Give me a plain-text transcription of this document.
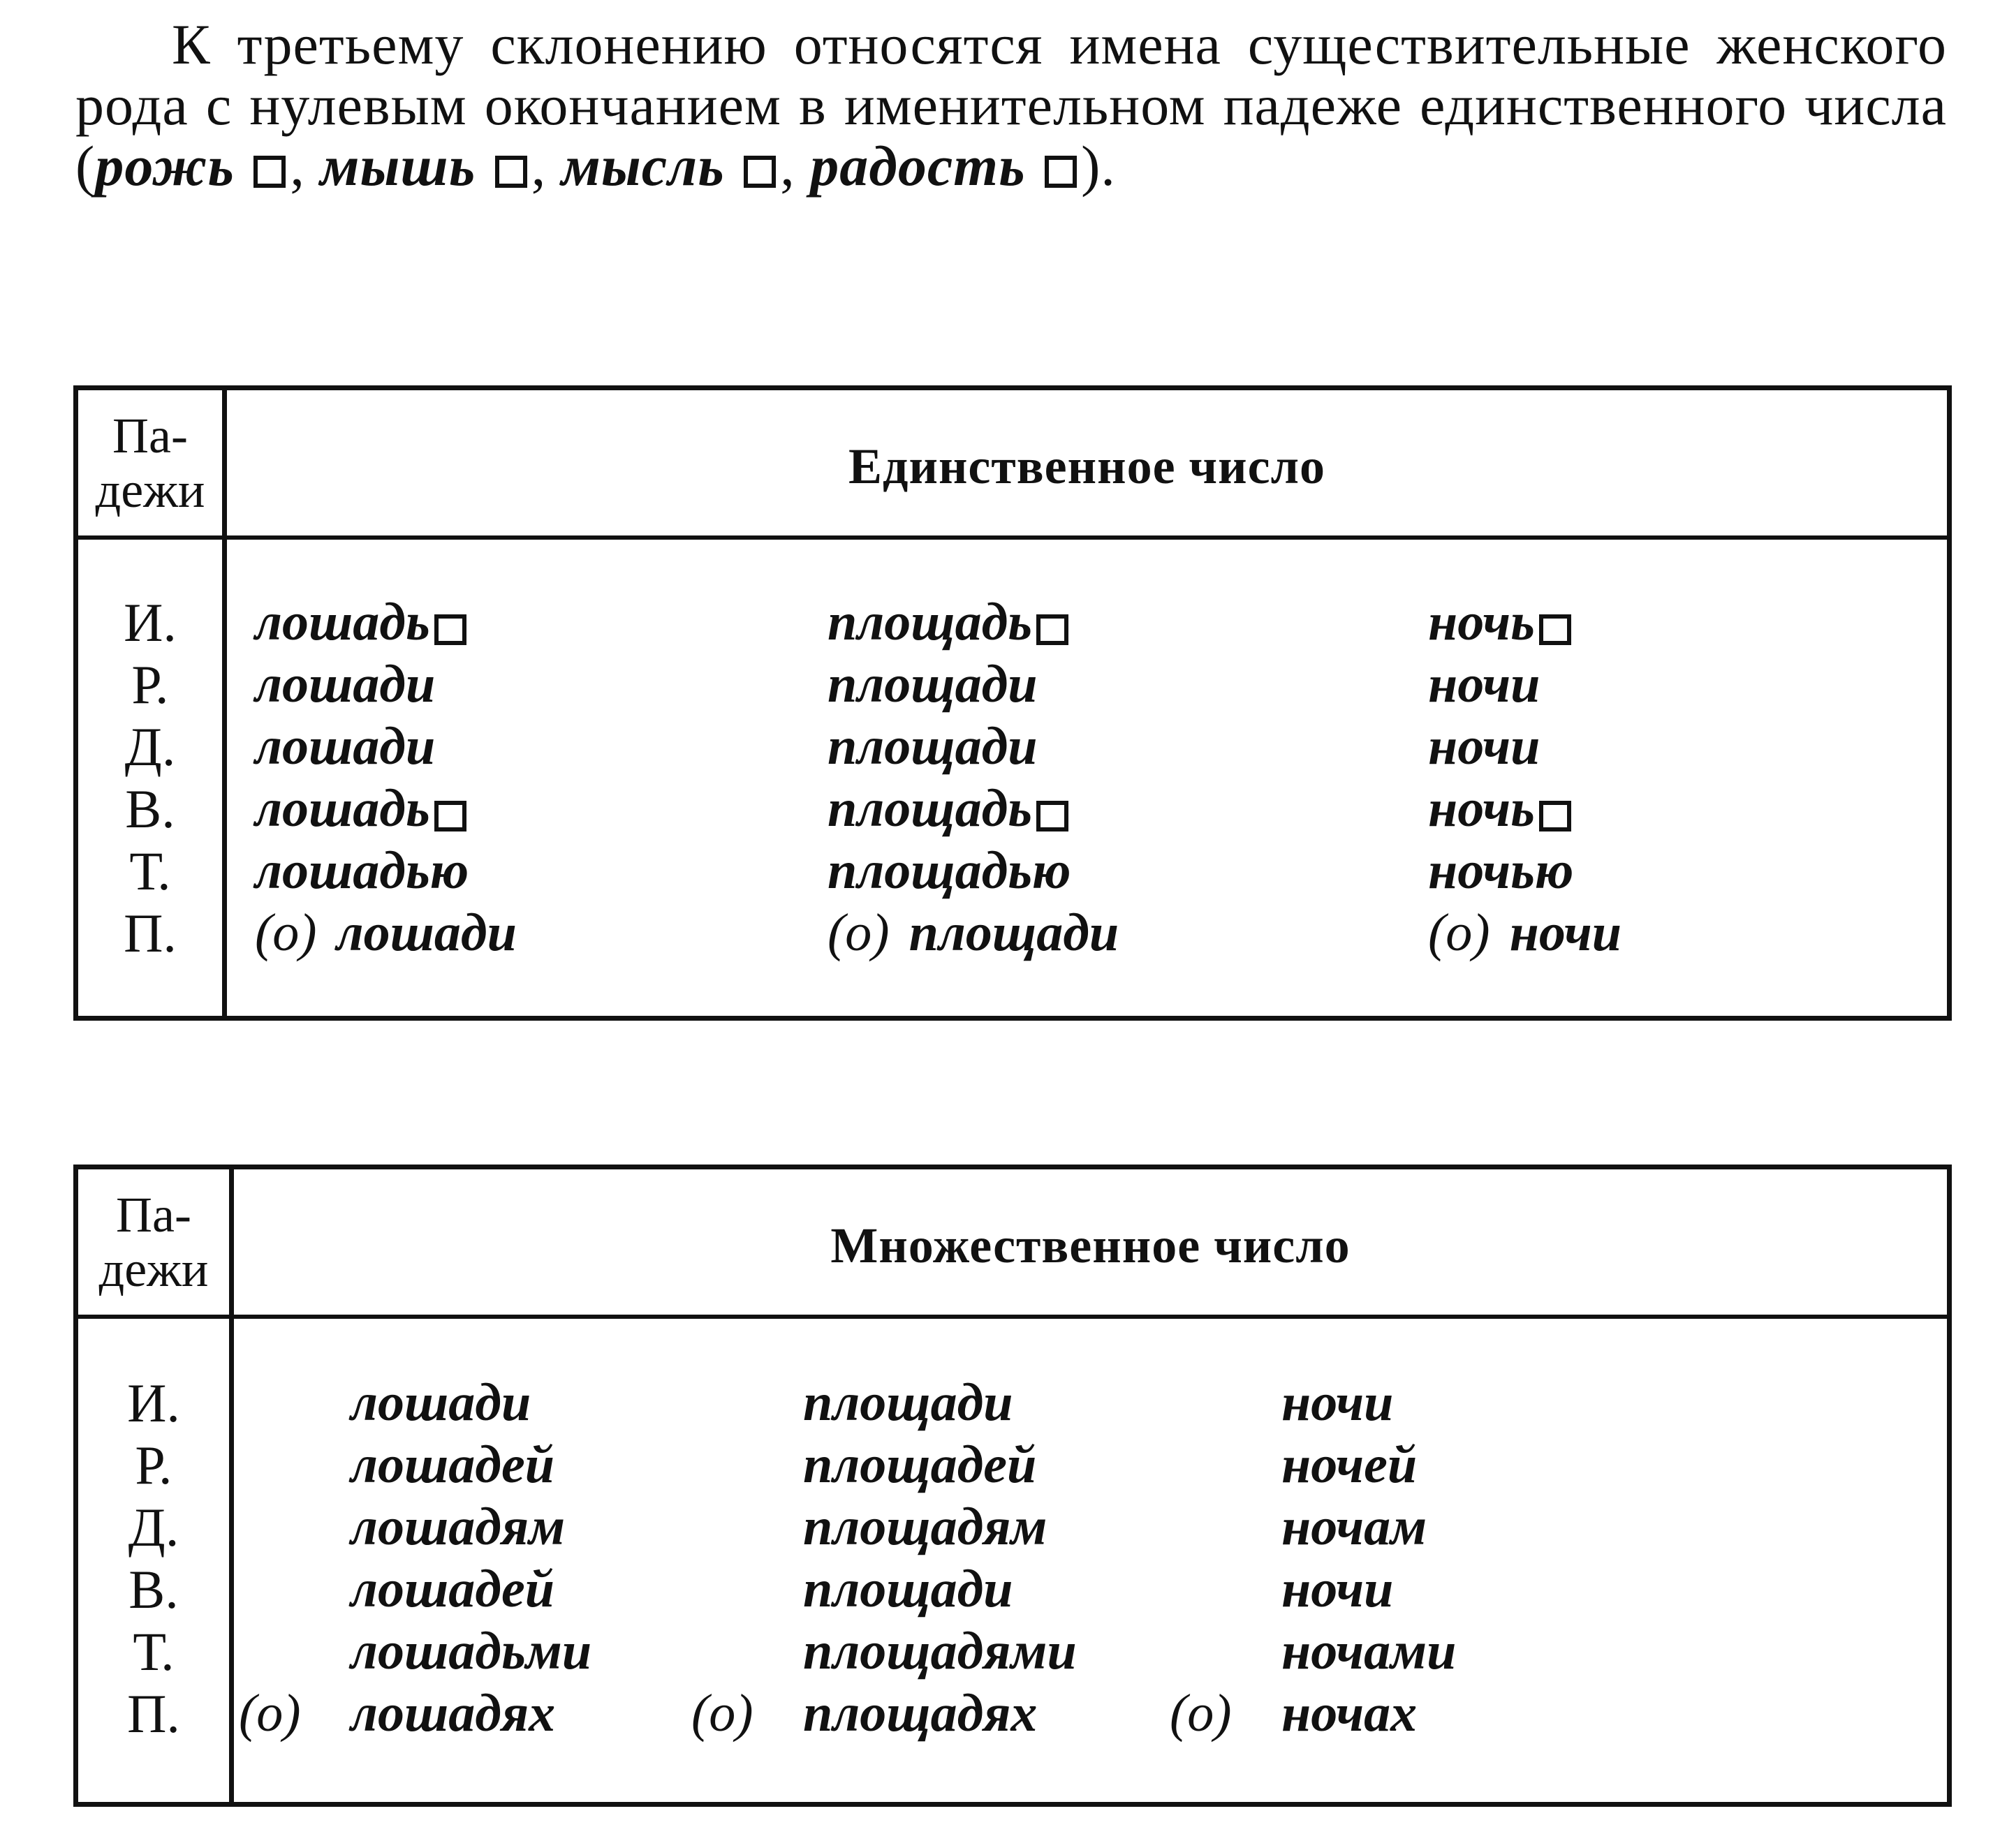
К третьему склонению относятся имена существительные женского рода с нулевым окончанием в именительном падеже единственного числа (рожь , мышь , мысль , радость ).

Па-
дежи	Единственное число
И.
Р.
Д.
В.
Т.
П.
лошадь
лошади
лошади
лошадь
лошадью
(о) лошади
площадь
площади
площади
площадь
площадью
(о) площади
ночь
ночи
ночи
ночь
ночью
(о) ночи
Па-
дежи	Множественное число
И.
Р.
Д.
В.
Т.
П.
лошади
лошадей
лошадям
лошадей
лошадьми
(о) лошадях
площади
площадей
площадям
площади
площадями
(о) площадях
ночи
ночей
ночам
ночи
ночами
(о) ночах
